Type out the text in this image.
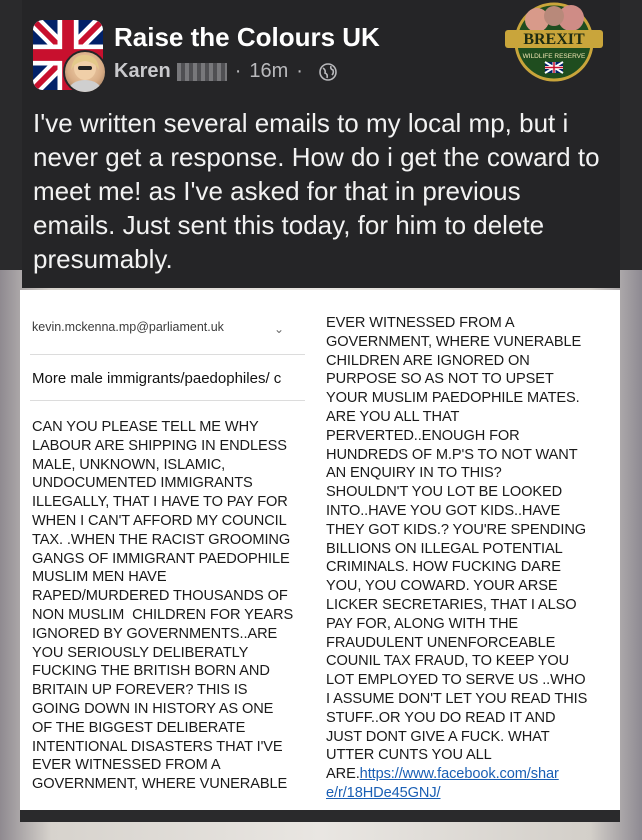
Raise the Colours UK
Karen	· 16m ·
BREXIT
WILDLIFE RESERVE
I've written several emails to my local mp, but i never get a response. How do i get the coward to meet me! as I've asked for that in previous emails. Just sent this today, for him to delete presumably.
kevin.mckenna.mp@parliament.uk	⌄
More male immigrants/paedophiles/ c
CAN YOU PLEASE TELL ME WHY
LABOUR ARE SHIPPING IN ENDLESS
MALE, UNKNOWN, ISLAMIC,
UNDOCUMENTED IMMIGRANTS
ILLEGALLY, THAT I HAVE TO PAY FOR
WHEN I CAN'T AFFORD MY COUNCIL
TAX. .WHEN THE RACIST GROOMING
GANGS OF IMMIGRANT PAEDOPHILE
MUSLIM MEN HAVE
RAPED/MURDERED THOUSANDS OF
NON MUSLIM  CHILDREN FOR YEARS
IGNORED BY GOVERNMENTS..ARE
YOU SERIOUSLY DELIBERATLY
FUCKING THE BRITISH BORN AND
BRITAIN UP FOREVER? THIS IS
GOING DOWN IN HISTORY AS ONE
OF THE BIGGEST DELIBERATE
INTENTIONAL DISASTERS THAT I'VE
EVER WITNESSED FROM A
GOVERNMENT, WHERE VUNERABLE
EVER WITNESSED FROM A
GOVERNMENT, WHERE VUNERABLE
CHILDREN ARE IGNORED ON
PURPOSE SO AS NOT TO UPSET
YOUR MUSLIM PAEDOPHILE MATES.
ARE YOU ALL THAT
PERVERTED..ENOUGH FOR
HUNDREDS OF M.P'S TO NOT WANT
AN ENQUIRY IN TO THIS?
SHOULDN'T YOU LOT BE LOOKED
INTO..HAVE YOU GOT KIDS..HAVE
THEY GOT KIDS.? YOU'RE SPENDING
BILLIONS ON ILLEGAL POTENTIAL
CRIMINALS. HOW FUCKING DARE
YOU, YOU COWARD. YOUR ARSE
LICKER SECRETARIES, THAT I ALSO
PAY FOR, ALONG WITH THE
FRAUDULENT UNENFORCEABLE
COUNIL TAX FRAUD, TO KEEP YOU
LOT EMPLOYED TO SERVE US ..WHO
I ASSUME DON'T LET YOU READ THIS
STUFF..OR YOU DO READ IT AND
JUST DONT GIVE A FUCK. WHAT
UTTER CUNTS YOU ALL
ARE.https://www.facebook.com/shar
e/r/18HDe45GNJ/
